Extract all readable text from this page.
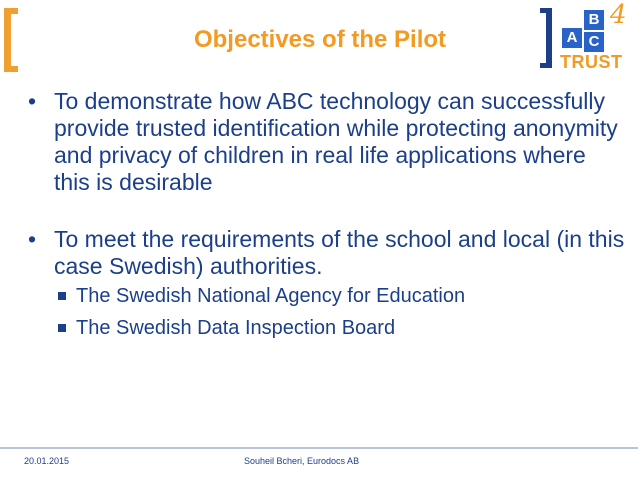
Objectives of the Pilot	A
B
C
4
TRUST
• To demonstrate how ABC technology can successfully provide trusted identification while protecting anonymity and privacy of children in real life applications where this is desirable
• To meet the requirements of the school and local (in this case Swedish) authorities.
The Swedish National Agency for Education
The Swedish Data Inspection Board
20.01.2015	Souheil Bcheri, Eurodocs AB
